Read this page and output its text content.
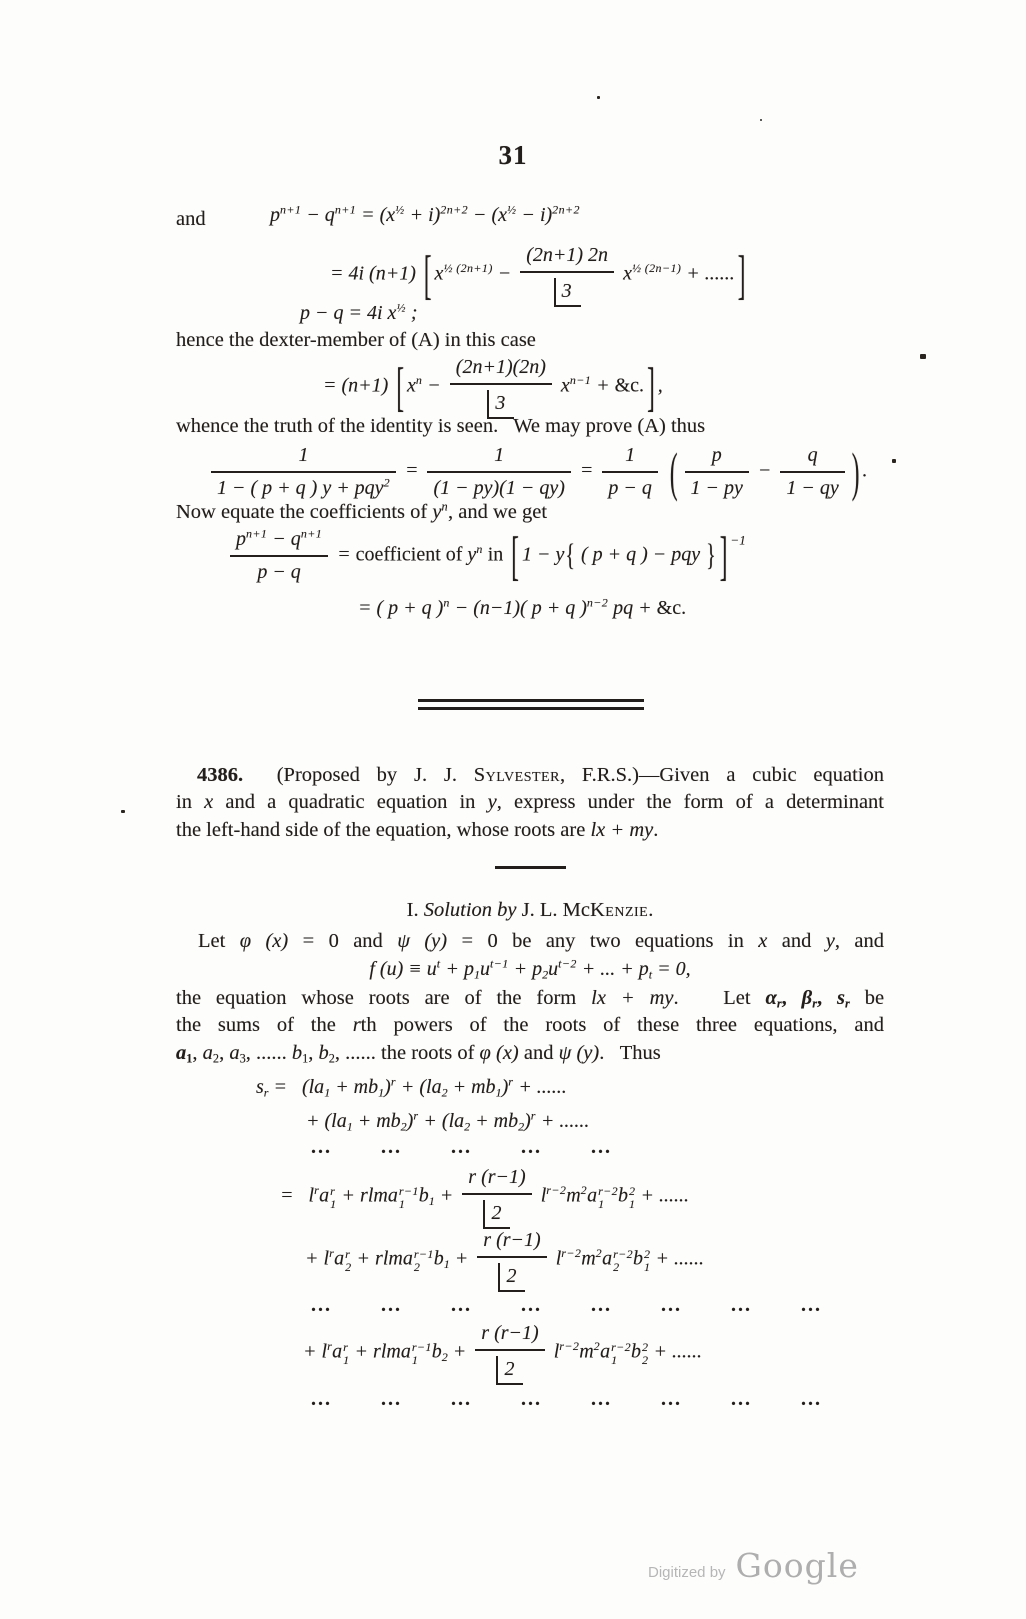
31
and	$p^{n+1} - q^{n+1} = (x^{\frac{1}{2}} + i)^{2n+2} - (x^{\frac{1}{2}} - i)^{2n+2}$
= 4i (n+1) [ $x^{\frac{1}{2} (2n+1)} - \frac{(2n+1) 2n}{3} x^{\frac{1}{2} (2n-1)}$ + ...... ]
p − q = 4i $x^{\frac{1}{2}}$ ;
hence the dexter-member of (A) in this case
= (n+1) [ $x^n - \frac{(2n+1)(2n)}{3} x^{n-1}$ + &c. ] ,
whence the truth of the identity is seen.   We may prove (A) thus
1
1 − ( p + q ) y + pqy$^2$
= $\frac{1}{(1 - py)(1 - qy)} = \frac{1}{p - q}$ ( $\frac{p}{1 - py} - \frac{q}{1 - qy}$ ) .
Now equate the coefficients of $y^n$, and we get
$\frac{p^{n+1} - q^{n+1}}{p - q}$ = coefficient of $y^n$ in [ 1 − y{ ( p + q ) − pqy } ] $^{-1}$
= ( p + q )$^n$ − (n−1)( p + q )$^{n-2}$ pq + &c.
4386.  (Proposed by J. J. Sylvester, F.R.S.)—Given a cubic equation
in x and a quadratic equation in y, express under the form of a determinant
the left-hand side of the equation, whose roots are lx + my.
I. Solution by J. L. McKenzie.
Let φ (x) = 0 and ψ (y) = 0 be any two equations in x and y, and
f $(u) \equiv u^t + p_1u^{t-1} + p_2u^{t-2}$ + ... + $p_t = 0$,
the equation whose roots are of the form lx + my.   Let $\alpha_r$, $\beta_r$, $s_r$ be
the sums of the rth powers of the roots of these three equations, and
$a_1$, $a_2$, $a_3$, ...... $b_1$, $b_2$, ...... the roots of φ (x) and ψ (y).   Thus
$s_r = (la_1 + mb_1)^r + (la_2 + mb_1)^r$ + ......
+ $(la_1 + mb_2)^r + (la_2 + mb_2)^r$ + ......
... ... ... ... ...
=   $l^ra$ r
1 + rlma r−1
1 $b_1 + \frac{r (r-1)}{2} l^{r-2}m^2a$ r−2
1 b 2
1 + ......
+ $l^ra$ r
2 + rlma r−1
2 $b_1 + \frac{r (r-1)}{2} l^{r-2}m^2a$ r−2
2 b 2
1 + ......
... ... ... ... ... ... ... ...
+ $l^ra$ r
1 + rlma r−1
1 $b_2 + \frac{r (r-1)}{2} l^{r-2}m^2a$ r−2
1 b 2
2 + ......
... ... ... ... ... ... ... ...
Digitized by Google
